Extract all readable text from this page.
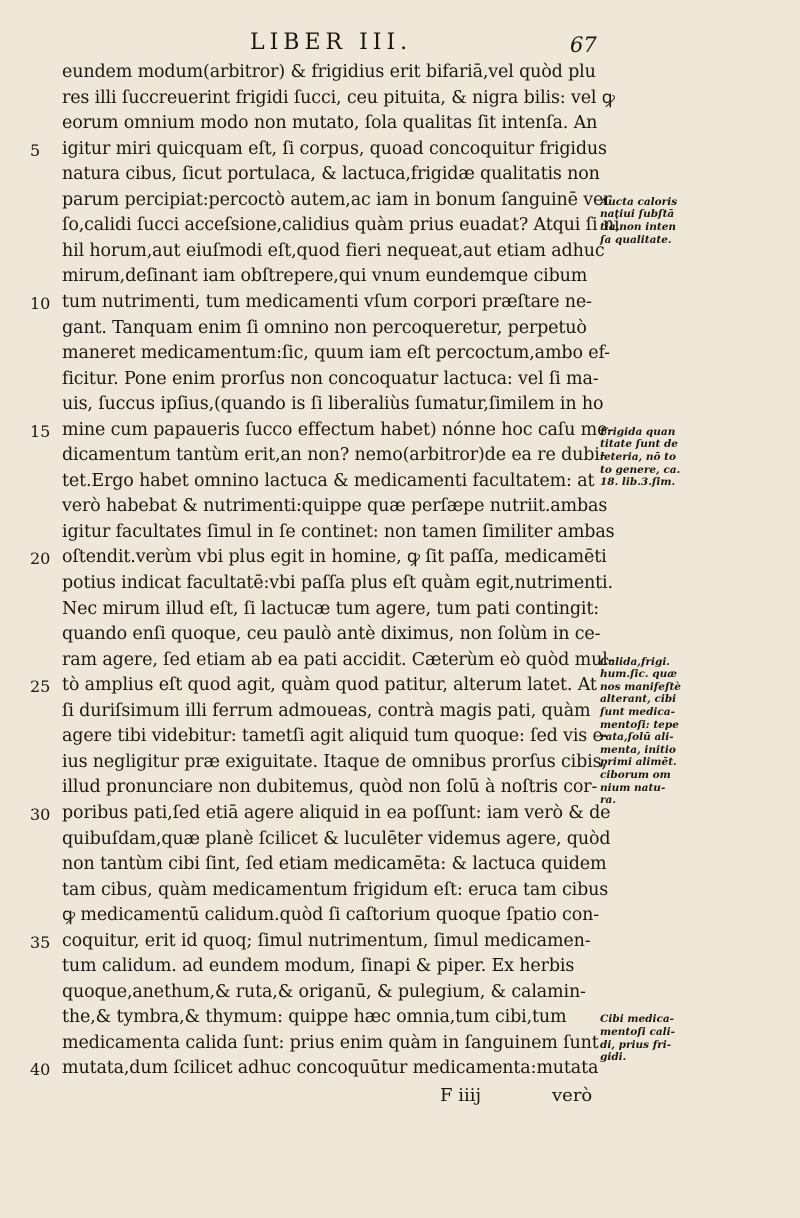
LIBER III.	67
eundem modum(arbitror) & frigidius erit bifariā,vel quòd plu
res illi ſuccreuerint frigidi ſucci, ceu pituita, & nigra bilis: vel ꝙ
eorum omnium modo non mutato, ſola qualitas ſit intenſa. An
igitur miri quicquam eſt, ſi corpus, quoad concoquitur frigidus
natura cibus, ſicut portulaca, & lactuca,frigidæ qualitatis non
parum percipiat:percoctò autem,ac iam in bonum ſanguinē ver
ſo,calidi ſucci acceſsione,calidius quàm prius euadat? Atqui ſi ni
hil horum,aut eiuſmodi eſt,quod fieri nequeat,aut etiam adhuc
mirum,deſinant iam obſtrepere,qui vnum eundemque cibum
tum nutrimenti, tum medicamenti vſum corpori præſtare ne-
gant. Tanquam enim ſi omnino non percoqueretur, perpetuò
maneret medicamentum:ſic, quum iam eſt percoctum,ambo ef-
ficitur. Pone enim prorſus non concoquatur lactuca: vel ſi ma-
uis, ſuccus ipſius,(quando is ſi liberaliùs ſumatur,ſimilem in ho
mine cum papaueris ſucco effectum habet) nónne hoc caſu me-
dicamentum tantùm erit,an non? nemo(arbitror)de ea re dubi-
tet.Ergo habet omnino lactuca & medicamenti facultatem: at
verò habebat & nutrimenti:quippe quæ perſæpe nutriit.ambas
igitur facultates ſimul in ſe continet: non tamen ſimiliter ambas
oſtendit.verùm vbi plus egit in homine, ꝙ ſit paſſa, medicamēti
potius indicat facultatē:vbi paſſa plus eſt quàm egit,nutrimenti.
Nec mirum illud eſt, ſi lactucæ tum agere, tum pati contingit:
quando enſi quoque, ceu paulò antè diximus, non ſolùm in ce-
ram agere, ſed etiam ab ea pati accidit. Cæterùm eò quòd mul-
tò amplius eſt quod agit, quàm quod patitur, alterum latet. At
ſi duriſsimum illi ferrum admoueas, contrà magis pati, quàm
agere tibi videbitur: tametſi agit aliquid tum quoque: ſed vis e-
ius negligitur præ exiguitate. Itaque de omnibus prorſus cibis,
illud pronunciare non dubitemus, quòd non ſolū à noſtris cor-
poribus pati,ſed etiā agere aliquid in ea poſſunt: iam verò & de
quibuſdam,quæ planè ſcilicet & luculēter videmus agere, quòd
non tantùm cibi ſint, ſed etiam medicamēta: & lactuca quidem
tam cibus, quàm medicamentum frigidum eſt: eruca tam cibus
ꝙ medicamentū calidum.quòd ſi caſtorium quoque ſpatio con-
coquitur, erit id quoq; ſimul nutrimentum, ſimul medicamen-
tum calidum. ad eundem modum, ſinapi & piper. Ex herbis
quoque,anethum,& ruta,& origanū, & pulegium, & calamin-
the,& tymbra,& thymum: quippe hæc omnia,tum cibi,tum
medicamenta calida ſunt: prius enim quàm in ſanguinem ſunt
mutata,dum ſcilicet adhuc concoquūtur medicamenta:mutata
5
10
15
20
25
30
35
40
Aucta caloris
natiui ſubſtā
tia,non inten
ſa qualitate.
Frigida quan
titate ſunt de
leteria, nō to
to genere, ca.
18. lib.3.ſim.
Calida,frigi.
hum.ſic. quæ
nos manifeſtè
alterant, cibi
ſunt medica-
mentoſi: tepe
rata,ſolū ali-
menta, initio
primi alimēt.
ciborum om
nium natu-
ra.
Cibi medica-
mentoſi cali-
di, prius fri-
gidi.
F iiij	verò
